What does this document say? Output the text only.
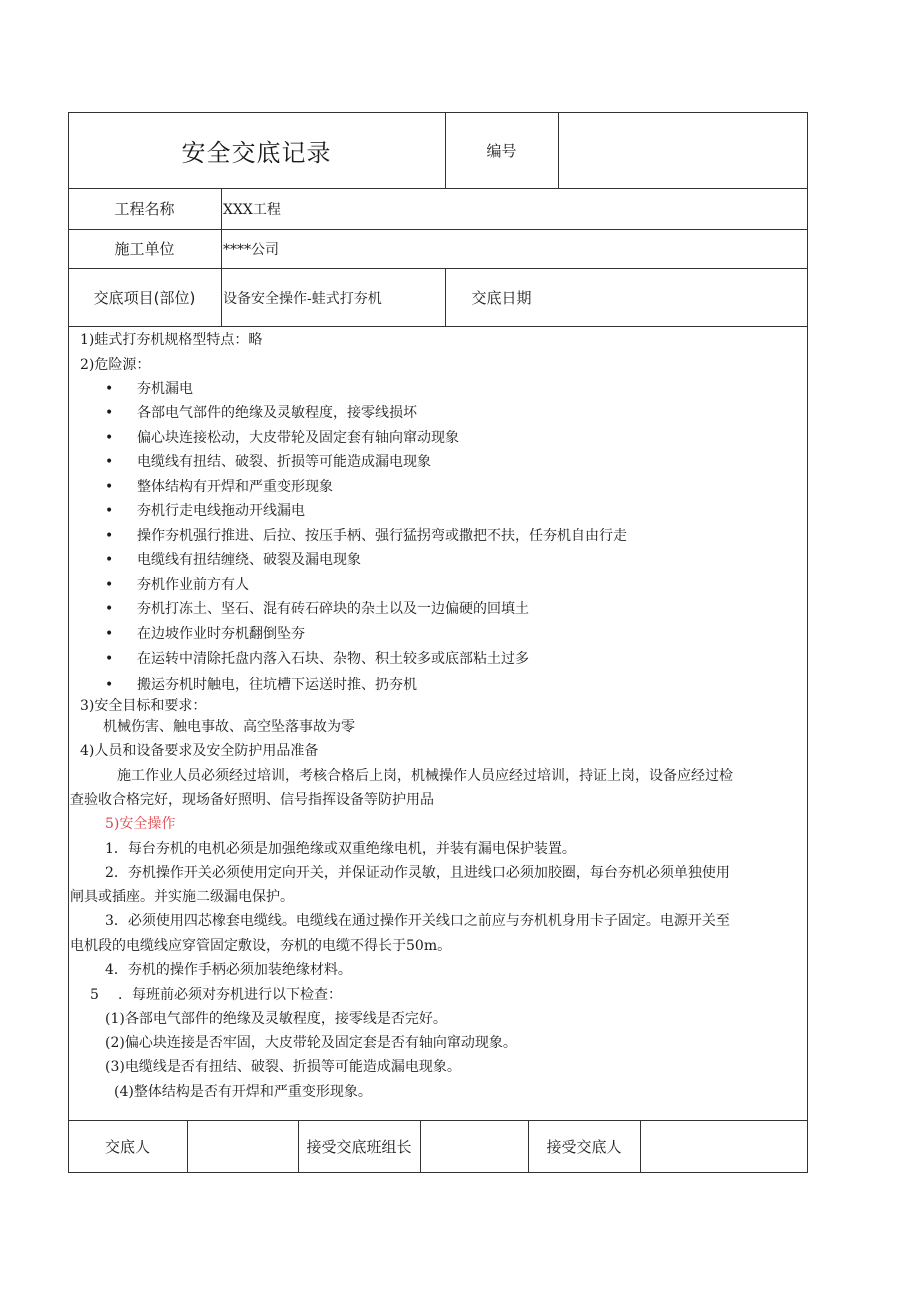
安全交底记录	编号
工程名称	XXX工程
施工单位	****公司
交底项目(部位)	设备安全操作-蛙式打夯机	交底日期
1)蛙式打夯机规格型特点：略
2)危险源：
• 夯机漏电
• 各部电气部件的绝缘及灵敏程度，接零线损坏
• 偏心块连接松动，大皮带轮及固定套有轴向窜动现象
• 电缆线有扭结、破裂、折损等可能造成漏电现象
• 整体结构有开焊和严重变形现象
• 夯机行走电线拖动开线漏电
• 操作夯机强行推进、后拉、按压手柄、强行猛拐弯或撒把不扶，任夯机自由行走
• 电缆线有扭结缠绕、破裂及漏电现象
• 夯机作业前方有人
• 夯机打冻土、坚石、混有砖石碎块的杂土以及一边偏硬的回填土
• 在边坡作业时夯机翻倒坠夯
• 在运转中清除托盘内落入石块、杂物、积土较多或底部粘土过多
• 搬运夯机时触电，往坑槽下运送时推、扔夯机
3)安全目标和要求：
机械伤害、触电事故、高空坠落事故为零
4)人员和设备要求及安全防护用品准备
施工作业人员必须经过培训，考核合格后上岗，机械操作人员应经过培训，持证上岗，设备应经过检
查验收合格完好，现场备好照明、信号指挥设备等防护用品
5)安全操作
1．每台夯机的电机必须是加强绝缘或双重绝缘电机，并装有漏电保护装置。
2．夯机操作开关必须使用定向开关，并保证动作灵敏，且进线口必须加胶圈，每台夯机必须单独使用
闸具或插座。并实施二级漏电保护。
3．必须使用四芯橡套电缆线。电缆线在通过操作开关线口之前应与夯机机身用卡子固定。电源开关至
电机段的电缆线应穿管固定敷设，夯机的电缆不得长于50m。
4．夯机的操作手柄必须加装绝缘材料。
5 ．每班前必须对夯机进行以下检查：
(1)各部电气部件的绝缘及灵敏程度，接零线是否完好。
(2)偏心块连接是否牢固，大皮带轮及固定套是否有轴向窜动现象。
(3)电缆线是否有扭结、破裂、折损等可能造成漏电现象。
(4)整体结构是否有开焊和严重变形现象。
交底人	接受交底班组长	接受交底人
